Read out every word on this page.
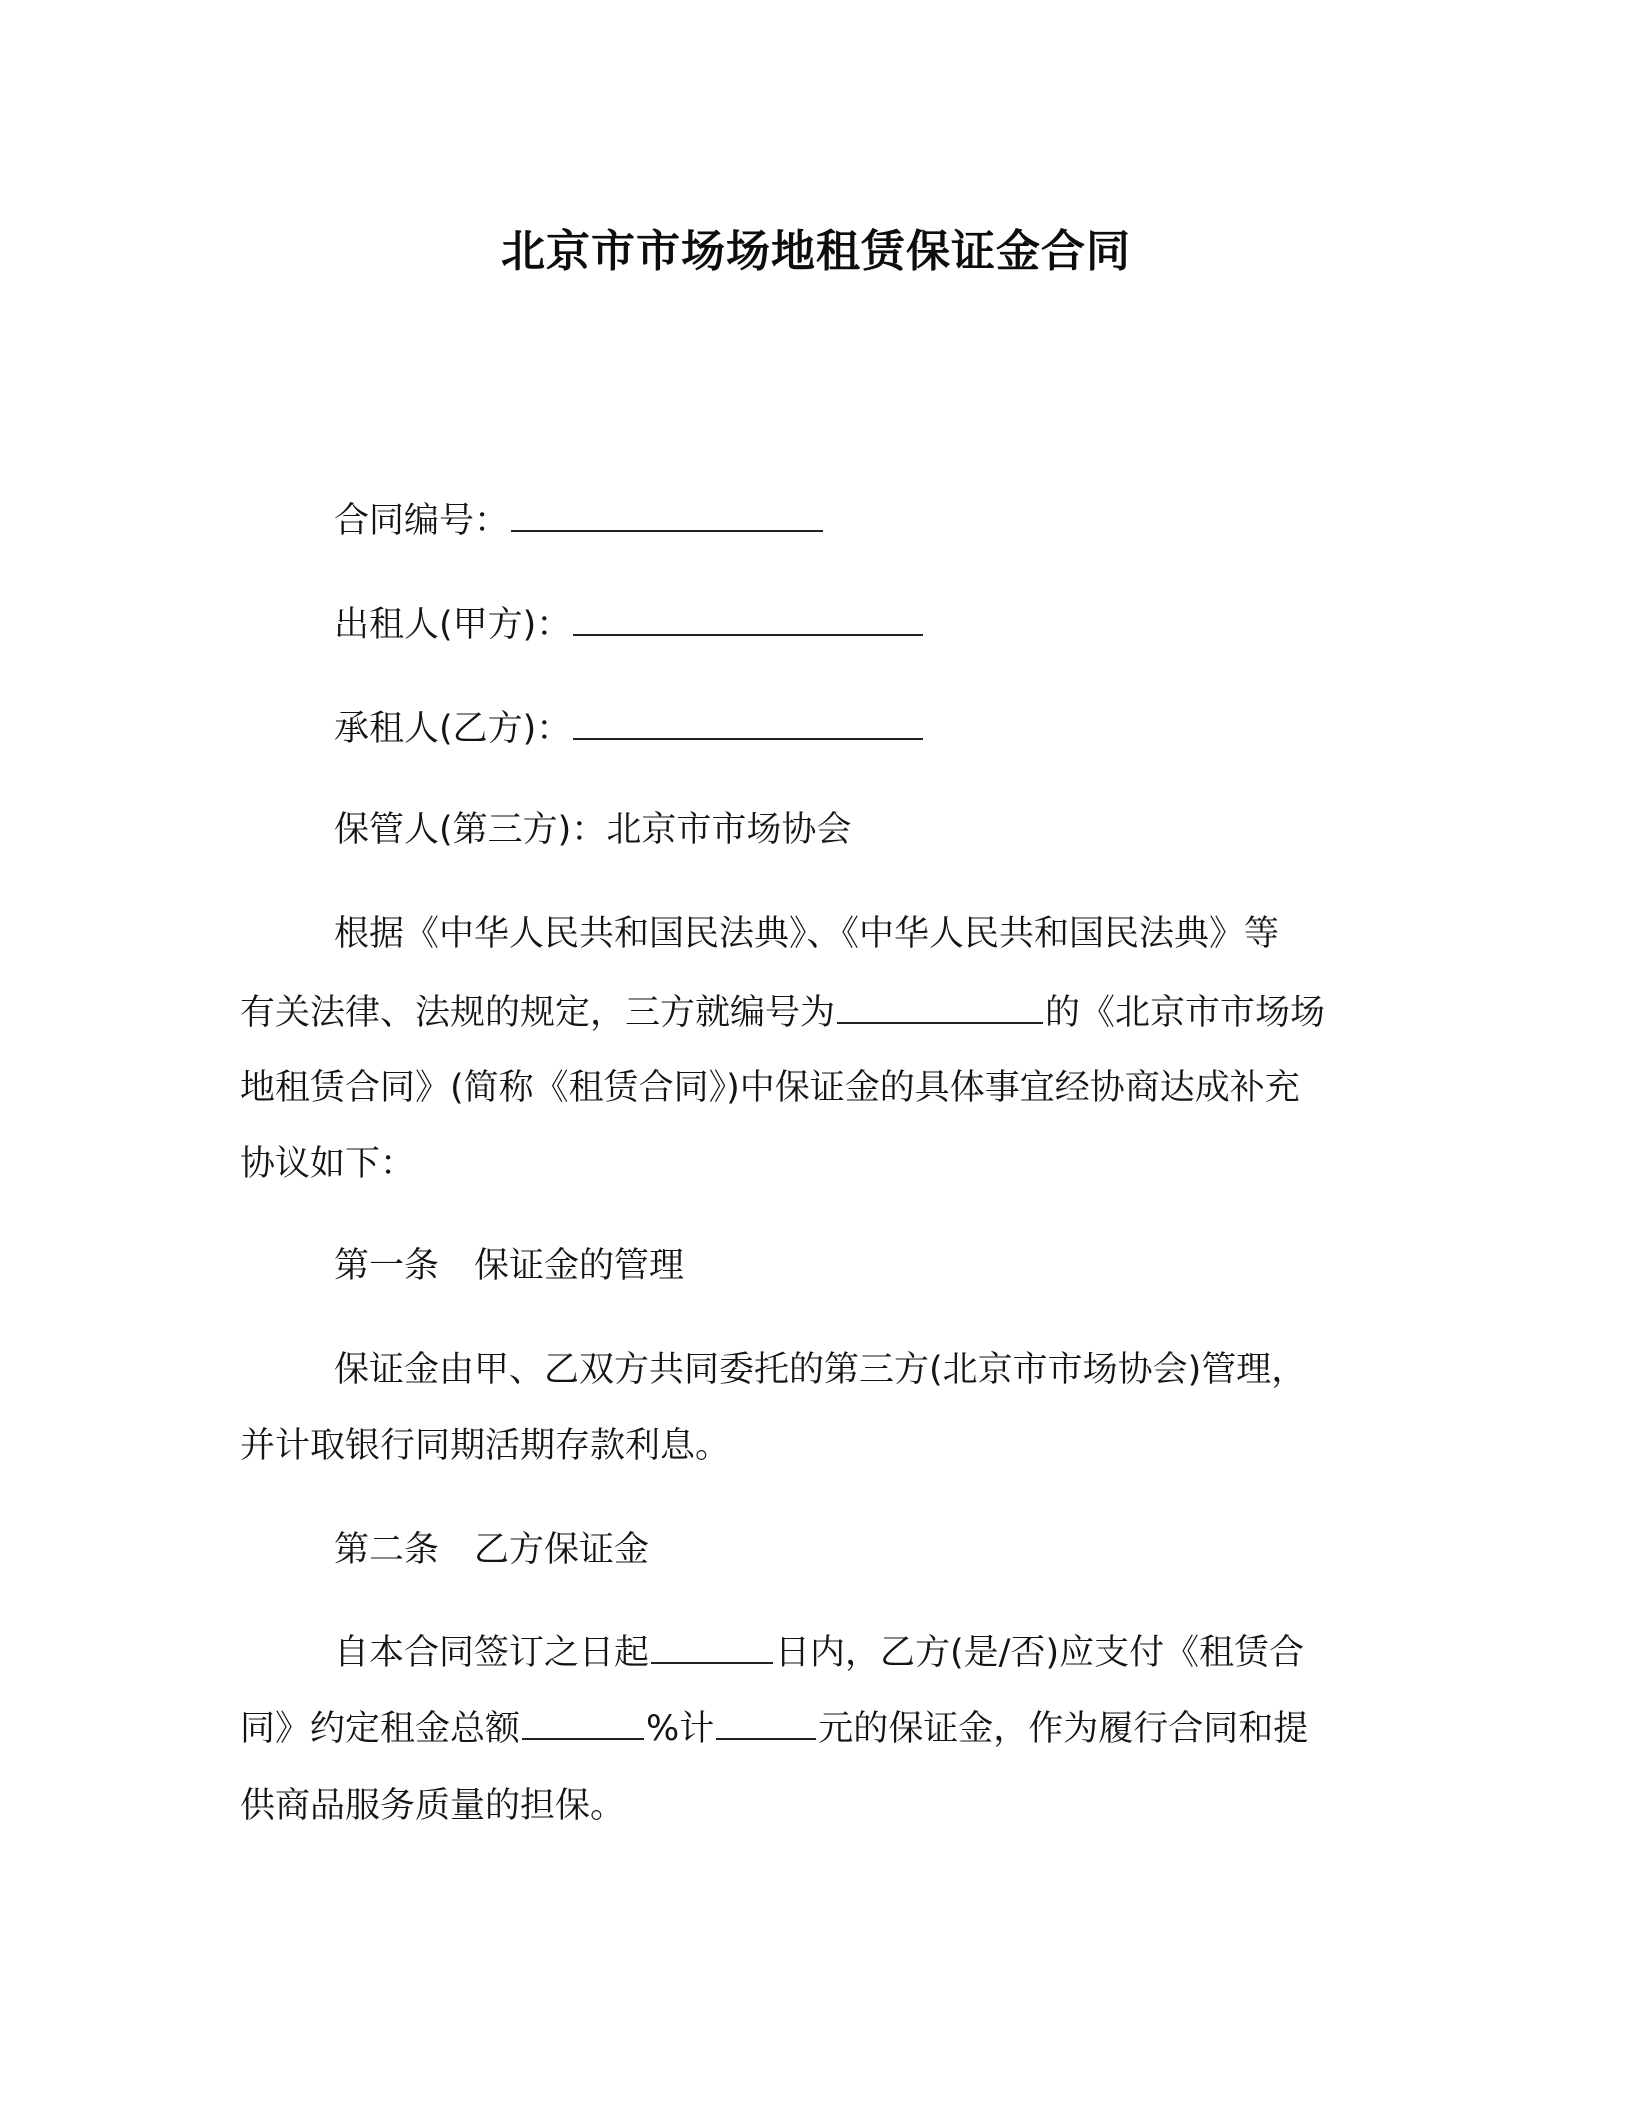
北京市市场场地租赁保证金合同
合同编号：
出租人(甲方)：
承租人(乙方)：
保管人(第三方)：北京市市场协会
根据《中华人民共和国民法典》、《中华人民共和国民法典》等
有关法律、法规的规定，三方就编号为	的《北京市市场场
地租赁合同》(简称《租赁合同》)中保证金的具体事宜经协商达成补充
协议如下：
第一条　保证金的管理
保证金由甲、乙双方共同委托的第三方(北京市市场协会)管理，
并计取银行同期活期存款利息。
第二条　乙方保证金
自本合同签订之日起	日内，乙方(是/否)应支付《租赁合
同》约定租金总额	%计	元的保证金，作为履行合同和提
供商品服务质量的担保。
